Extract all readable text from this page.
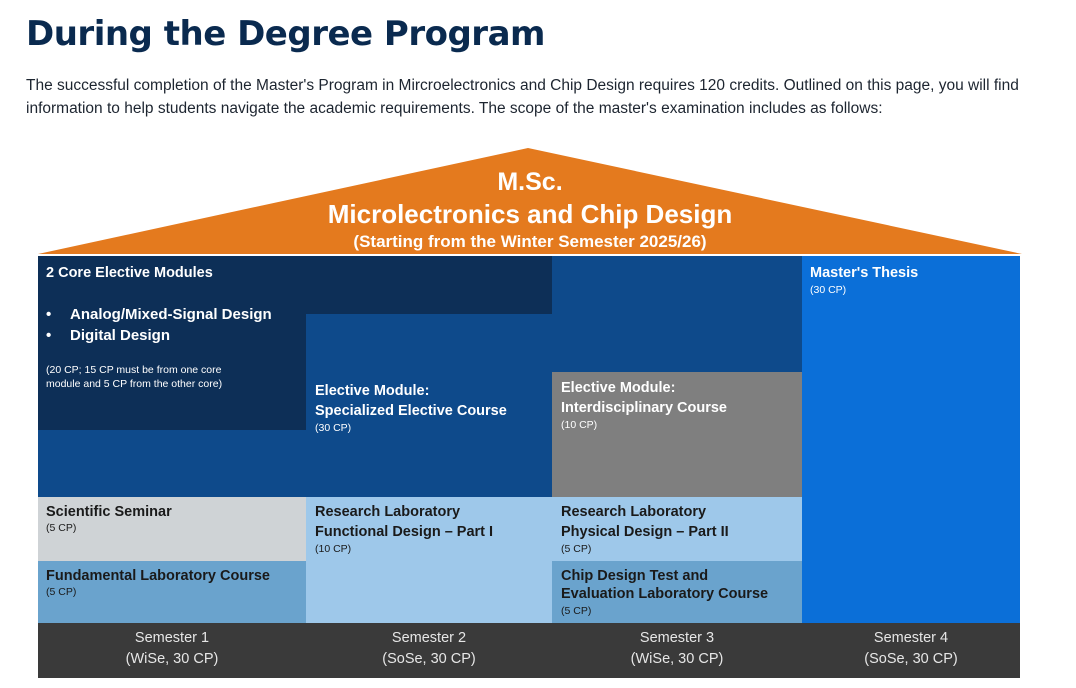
During the Degree Program

The successful completion of the Master's Program in Mircroelectronics and Chip Design requires 120 credits. Outlined on this page, you will find information to help students navigate the academic requirements. The scope of the master's examination includes as follows:

M.Sc.
Microlectronics and Chip Design
(Starting from the Winter Semester 2025/26)
2 Core Elective Modules
• Analog/Mixed-Signal Design
• Digital Design
(20 CP; 15 CP must be from one core
module and 5 CP from the other core)	Elective Module:
Specialized Elective Course
(30 CP)
Elective Module:
Interdisciplinary Course
(10 CP)
Master's Thesis
(30 CP)
Scientific Seminar
(5 CP)
Fundamental Laboratory Course
(5 CP)
Research Laboratory
Functional Design – Part I
(10 CP)
Research Laboratory
Physical Design – Part II
(5 CP)
Chip Design Test and
Evaluation Laboratory Course
(5 CP)
Semester 1
(WiSe, 30 CP)
Semester 2
(SoSe, 30 CP)
Semester 3
(WiSe, 30 CP)
Semester 4
(SoSe, 30 CP)
